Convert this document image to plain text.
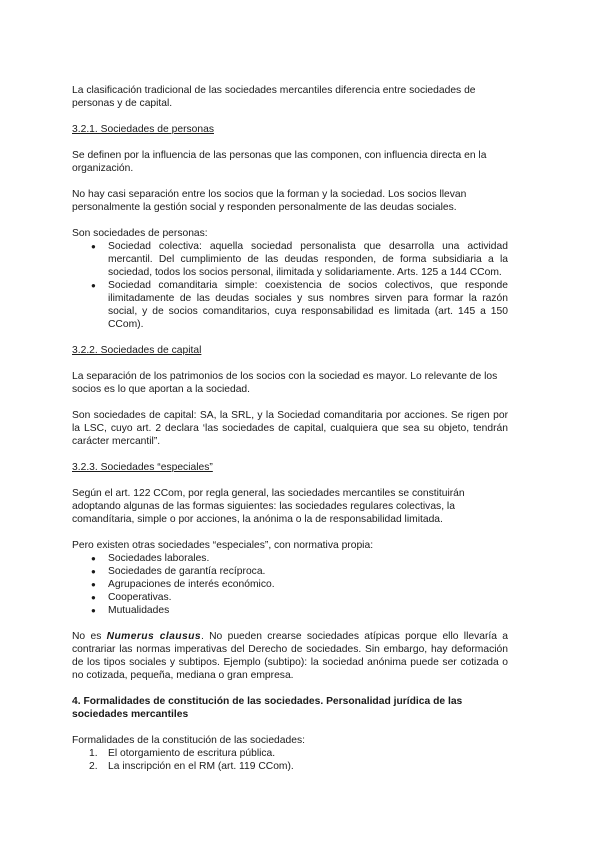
La clasificación tradicional de las sociedades mercantiles diferencia entre sociedades de personas y de capital.

3.2.1. Sociedades de personas

Se definen por la influencia de las personas que las componen, con influencia directa en la organización.

No hay casi separación entre los socios que la forman y la sociedad. Los socios llevan personalmente la gestión social y responden personalmente de las deudas sociales.

Son sociedades de personas:

● Sociedad colectiva: aquella sociedad personalista que desarrolla una actividad mercantil. Del cumplimiento de las deudas responden, de forma subsidiaria a la sociedad, todos los socios personal, ilimitada y solidariamente. Arts. 125 a 144 CCom.
● Sociedad comanditaria simple: coexistencia de socios colectivos, que responde ilimitadamente de las deudas sociales y sus nombres sirven para formar la razón social, y de socios comanditarios, cuya responsabilidad es limitada (art. 145 a 150 CCom).

3.2.2. Sociedades de capital

La separación de los patrimonios de los socios con la sociedad es mayor. Lo relevante de los socios es lo que aportan a la sociedad.

Son sociedades de capital: SA, la SRL, y la Sociedad comanditaria por acciones. Se rigen por la LSC, cuyo art. 2 declara ‘las sociedades de capital, cualquiera que sea su objeto, tendrán carácter mercantil”.

3.2.3. Sociedades “especiales”

Según el art. 122 CCom, por regla general, las sociedades mercantiles se constituirán adoptando algunas de las formas siguientes: las sociedades regulares colectivas, la comandítaria, simple o por acciones, la anónima o la de responsabilidad limitada.

Pero existen otras sociedades “especiales”, con normativa propia:

● Sociedades laborales.
● Sociedades de garantía recíproca.
● Agrupaciones de interés económico.
● Cooperativas.
● Mutualidades

No es Numerus clausus. No pueden crearse sociedades atípicas porque ello llevaría a contrariar las normas imperativas del Derecho de sociedades. Sin embargo, hay deformación de los tipos sociales y subtipos. Ejemplo (subtipo): la sociedad anónima puede ser cotizada o no cotizada, pequeña, mediana o gran empresa.

4. Formalidades de constitución de las sociedades. Personalidad jurídica de las sociedades mercantiles

Formalidades de la constitución de las sociedades:

1. El otorgamiento de escritura pública.
2. La inscripción en el RM (art. 119 CCom).
